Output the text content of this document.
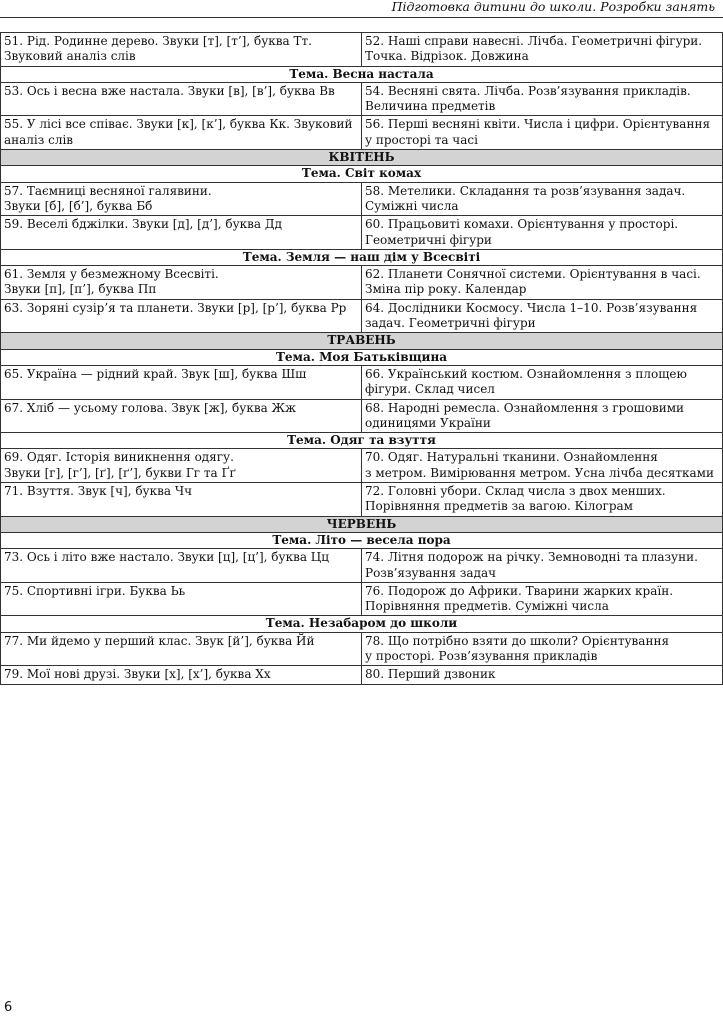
Підготовка дитини до школи. Розробки занять
51. Рід. Родинне дерево. Звуки [т], [т’], буква Тт.
Звуковий аналіз слів	52. Наші справи навесні. Лічба. Геометричні фігури.
Точка. Відрізок. Довжина
Тема. Весна настала	
53. Ось і весна вже настала. Звуки [в], [в’], буква Вв	54. Весняні свята. Лічба. Розв’язування прикладів.
Величина предметів
55. У лісі все співає. Звуки [к], [к’], буква Кк. Звуковий
аналіз слів	56. Перші весняні квіти. Числа і цифри. Орієнтування
у просторі та часі
КВІТЕНЬ	
Тема. Світ комах	
57. Таємниці весняної галявини.
Звуки [б], [б’], буква Бб	58. Метелики. Складання та розв’язування задач.
Суміжні числа
59. Веселі бджілки. Звуки [д], [д’], буква Дд	60. Працьовиті комахи. Орієнтування у просторі.
Геометричні фігури
Тема. Земля — наш дім у Всесвіті	
61. Земля у безмежному Всесвіті.
Звуки [п], [п’], буква Пп	62. Планети Сонячної системи. Орієнтування в часі.
Зміна пір року. Календар
63. Зоряні сузір’я та планети. Звуки [р], [р’], буква Рр	64. Дослідники Космосу. Числа 1–10. Розв’язування
задач. Геометричні фігури
ТРАВЕНЬ	
Тема. Моя Батьківщина	
65. Україна — рідний край. Звук [ш], буква Шш	66. Український костюм. Ознайомлення з площею
фігури. Склад чисел
67. Хліб — усьому голова. Звук [ж], буква Жж	68. Народні ремесла. Ознайомлення з грошовими
одиницями України
Тема. Одяг та взуття	
69. Одяг. Історія виникнення одягу.
Звуки [г], [г’], [ґ], [ґ’], букви Гг та Ґґ	70. Одяг. Натуральні тканини. Ознайомлення
з метром. Вимірювання метром. Усна лічба десятками
71. Взуття. Звук [ч], буква Чч	72. Головні убори. Склад числа з двох менших.
Порівняння предметів за вагою. Кілограм
ЧЕРВЕНЬ	
Тема. Літо — весела пора	
73. Ось і літо вже настало. Звуки [ц], [ц’], буква Цц	74. Літня подорож на річку. Земноводні та плазуни.
Розв’язування задач
75. Спортивні ігри. Буква Ьь	76. Подорож до Африки. Тварини жарких країн.
Порівняння предметів. Суміжні числа
Тема. Незабаром до школи	
77. Ми йдемо у перший клас. Звук [й’], буква Йй	78. Що потрібно взяти до школи? Орієнтування
у просторі. Розв’язування прикладів
79. Мої нові друзі. Звуки [х], [х’], буква Хх	80. Перший дзвоник
6
